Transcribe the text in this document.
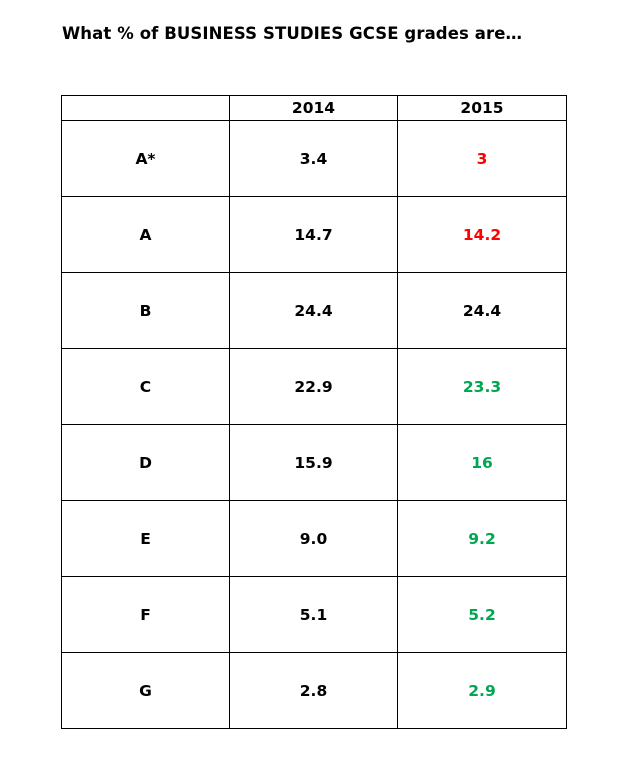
What % of BUSINESS STUDIES GCSE grades are…
	2014	2015
A*	3.4	3
A	14.7	14.2
B	24.4	24.4
C	22.9	23.3
D	15.9	16
E	9.0	9.2
F	5.1	5.2
G	2.8	2.9
